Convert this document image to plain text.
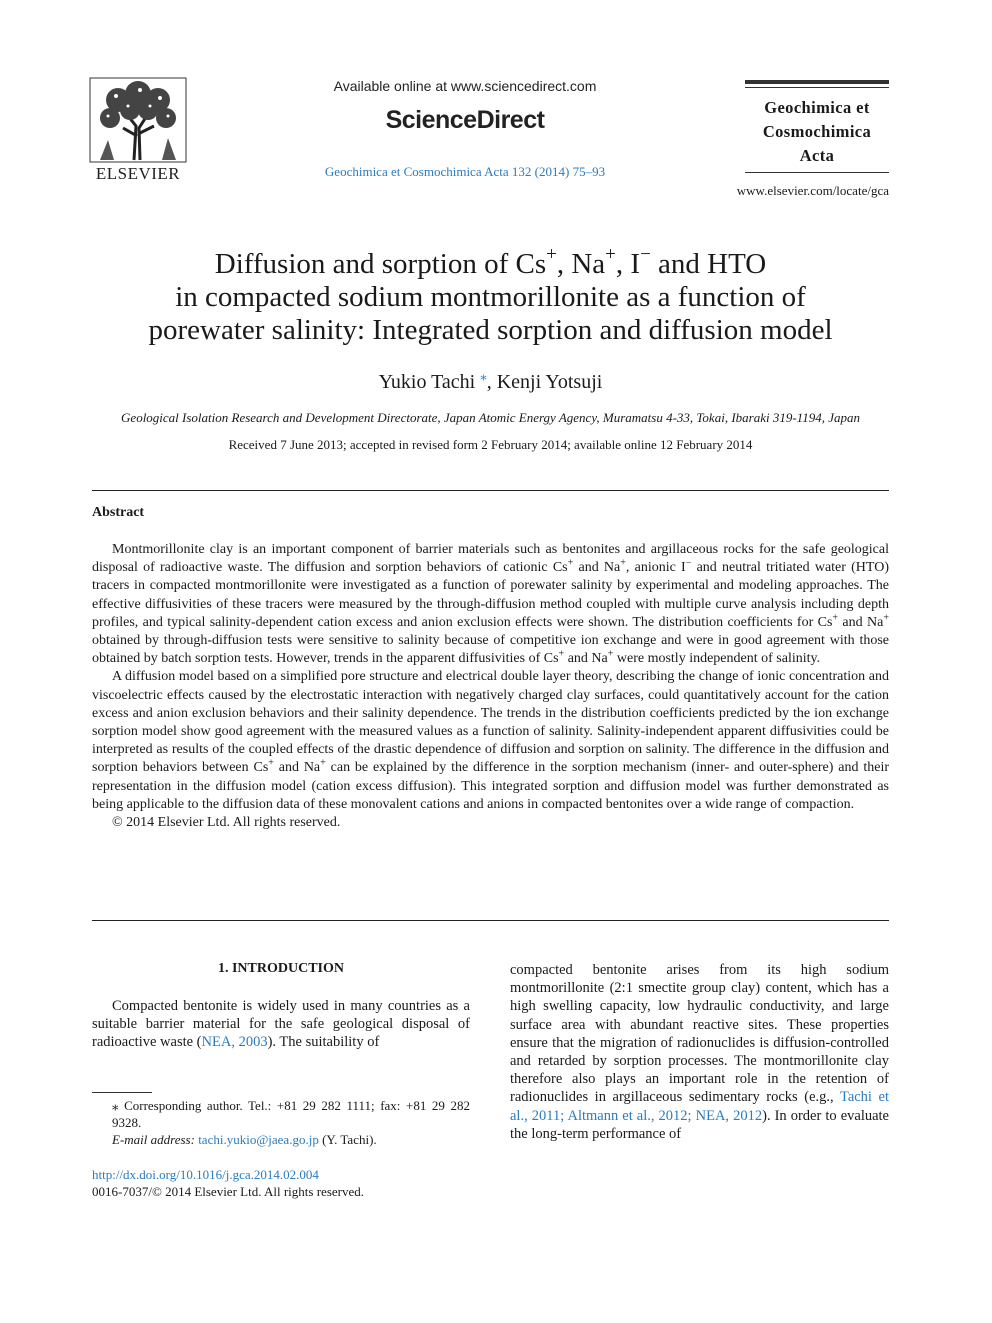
ELSEVIER
Available online at www.sciencedirect.com
ScienceDirect
Geochimica et Cosmochimica Acta 132 (2014) 75–93
Geochimica et
Cosmochimica
Acta
www.elsevier.com/locate/gca
Diffusion and sorption of Cs+, Na+, I− and HTO
in compacted sodium montmorillonite as a function of
porewater salinity: Integrated sorption and diffusion model
Yukio Tachi ⁎, Kenji Yotsuji
Geological Isolation Research and Development Directorate, Japan Atomic Energy Agency, Muramatsu 4-33, Tokai, Ibaraki 319-1194, Japan
Received 7 June 2013; accepted in revised form 2 February 2014; available online 12 February 2014
Abstract

Montmorillonite clay is an important component of barrier materials such as bentonites and argillaceous rocks for the safe geological disposal of radioactive waste. The diffusion and sorption behaviors of cationic Cs+ and Na+, anionic I− and neutral tritiated water (HTO) tracers in compacted montmorillonite were investigated as a function of porewater salinity by experimental and modeling approaches. The effective diffusivities of these tracers were measured by the through-diffusion method coupled with multiple curve analysis including depth profiles, and typical salinity-dependent cation excess and anion exclusion effects were shown. The distribution coefficients for Cs+ and Na+ obtained by through-diffusion tests were sensitive to salinity because of competitive ion exchange and were in good agreement with those obtained by batch sorption tests. However, trends in the apparent diffusivities of Cs+ and Na+ were mostly independent of salinity.

A diffusion model based on a simplified pore structure and electrical double layer theory, describing the change of ionic concentration and viscoelectric effects caused by the electrostatic interaction with negatively charged clay surfaces, could quantitatively account for the cation excess and anion exclusion behaviors and their salinity dependence. The trends in the distribution coefficients predicted by the ion exchange sorption model show good agreement with the measured values as a function of salinity. Salinity-independent apparent diffusivities could be interpreted as results of the coupled effects of the drastic dependence of diffusion and sorption on salinity. The difference in the diffusion and sorption behaviors between Cs+ and Na+ can be explained by the difference in the sorption mechanism (inner- and outer-sphere) and their representation in the diffusion model (cation excess diffusion). This integrated sorption and diffusion model was further demonstrated as being applicable to the diffusion data of these monovalent cations and anions in compacted bentonites over a wide range of compaction.

© 2014 Elsevier Ltd. All rights reserved.

1. INTRODUCTION

Compacted bentonite is widely used in many countries as a suitable barrier material for the safe geological disposal of radioactive waste (NEA, 2003). The suitability of

⁎ Corresponding author. Tel.: +81 29 282 1111; fax: +81 29 282 9328.

E-mail address: tachi.yukio@jaea.go.jp (Y. Tachi).

http://dx.doi.org/10.1016/j.gca.2014.02.004
0016-7037/© 2014 Elsevier Ltd. All rights reserved.

compacted bentonite arises from its high sodium montmorillonite (2:1 smectite group clay) content, which has a high swelling capacity, low hydraulic conductivity, and large surface area with abundant reactive sites. These properties ensure that the migration of radionuclides is diffusion-controlled and retarded by sorption processes. The montmorillonite clay therefore also plays an important role in the retention of radionuclides in argillaceous sedimentary rocks (e.g., Tachi et al., 2011; Altmann et al., 2012; NEA, 2012). In order to evaluate the long-term performance of
